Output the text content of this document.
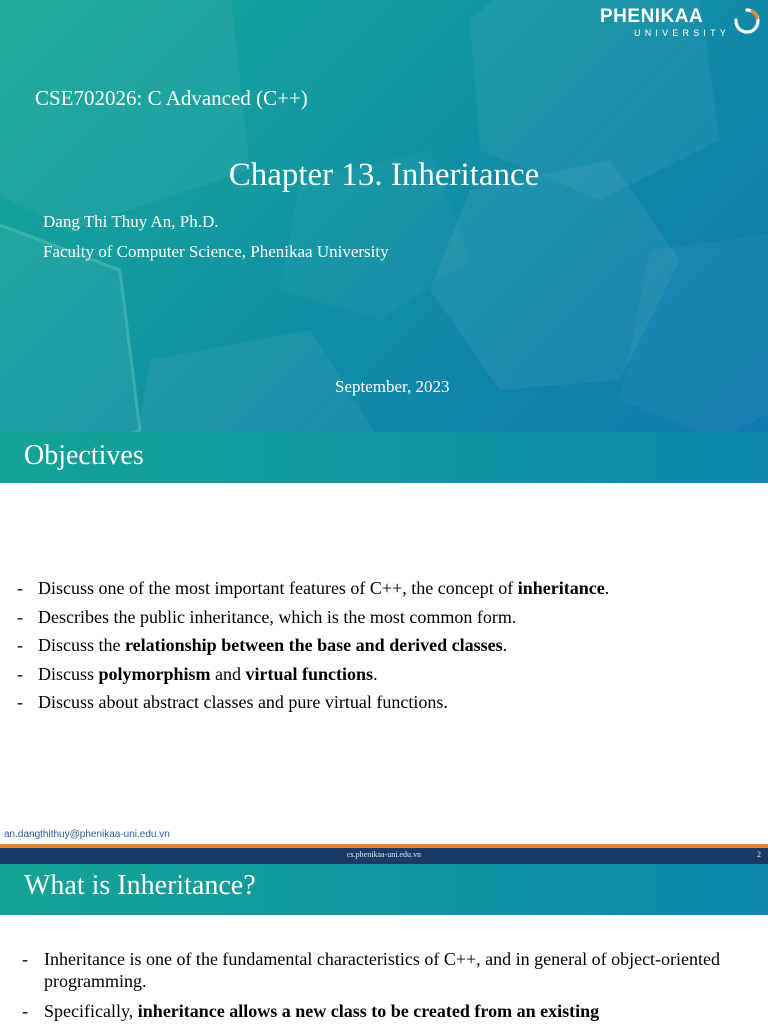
PHENIKAA
UNIVERSITY
CSE702026: C Advanced (C++)
Chapter 13. Inheritance
Dang Thi Thuy An, Ph.D.
Faculty of Computer Science, Phenikaa University
September, 2023
Objectives
- Discuss one of the most important features of C++, the concept of inheritance.
- Describes the public inheritance, which is the most common form.
- Discuss the relationship between the base and derived classes.
- Discuss polymorphism and virtual functions.
- Discuss about abstract classes and pure virtual functions.
an.dangthithuy@phenikaa-uni.edu.vn
cs.phenikaa-uni.edu.vn	2
What is Inheritance?
- Inheritance is one of the fundamental characteristics of C++, and in general of object-oriented programming.
- Specifically, inheritance allows a new class to be created from an existing
